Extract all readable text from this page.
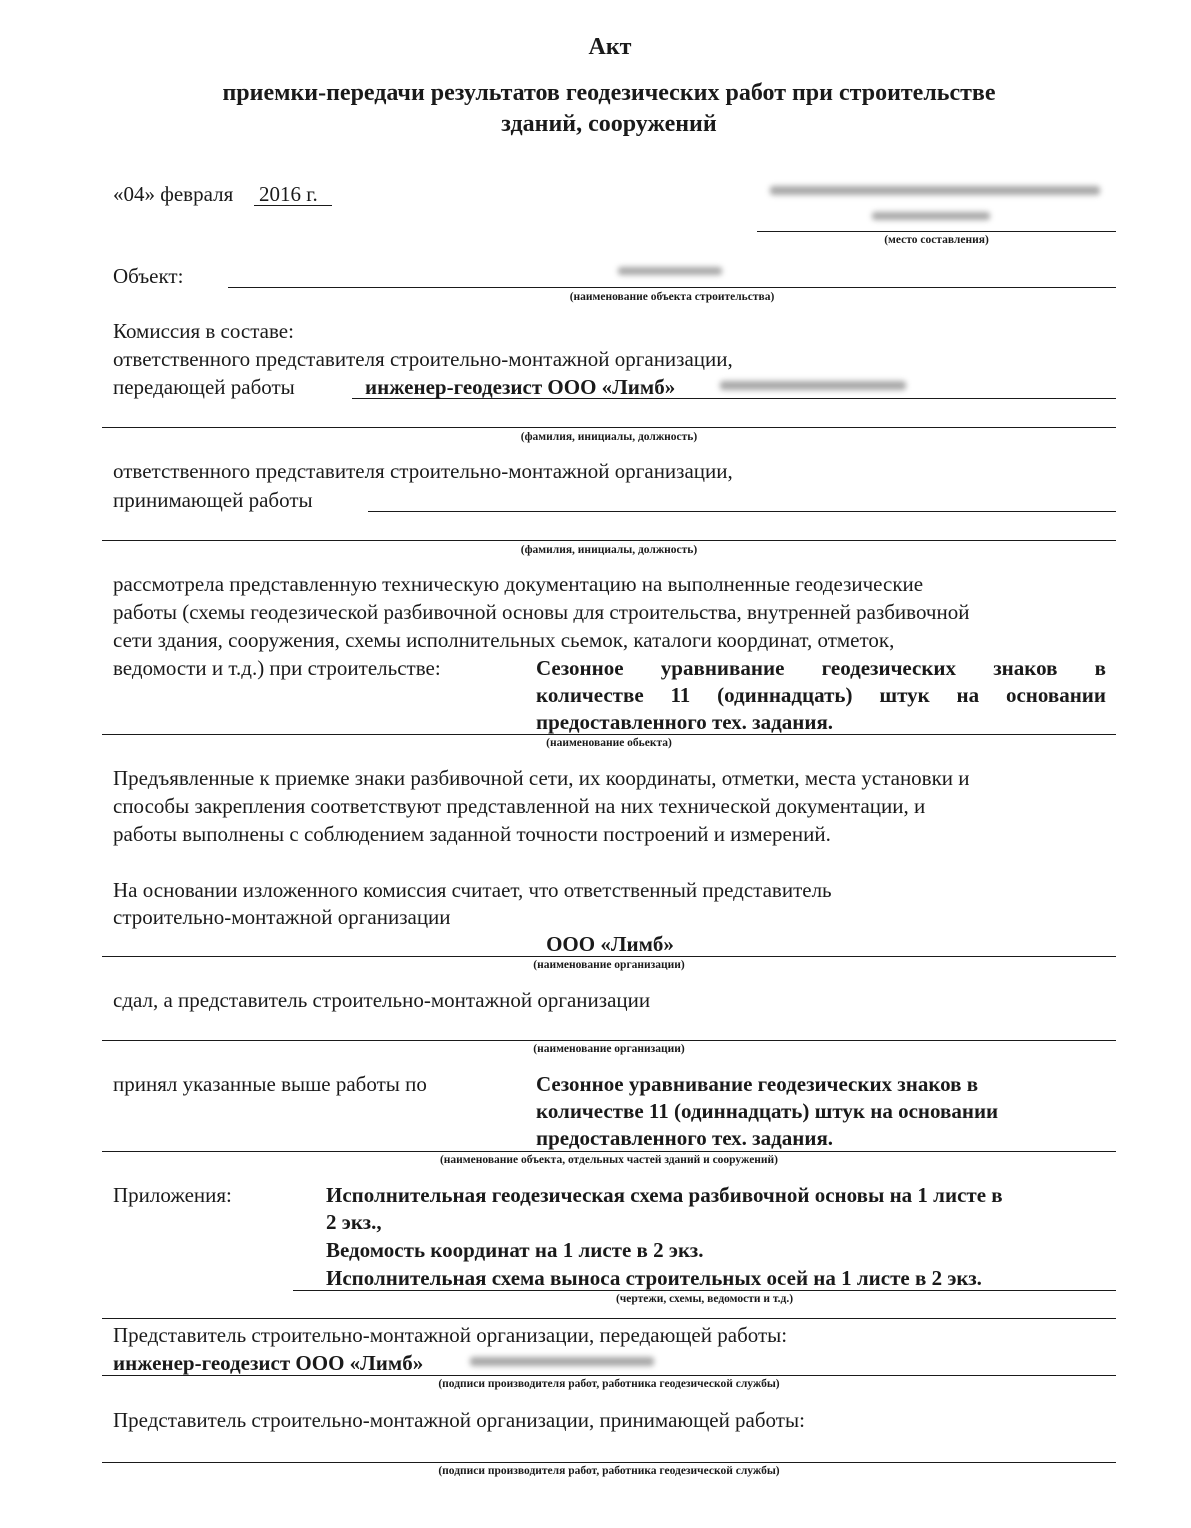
Акт
приемки-передачи результатов геодезических работ при строительстве
зданий, сооружений
«04» февраля 2016 г.
(место составления)
Объект:
(наименование объекта строительства)
Комиссия в составе:
ответственного представителя строительно-монтажной организации,
передающей работы	инженер-геодезист ООО «Лимб»
(фамилия, инициалы, должность)
ответственного представителя строительно-монтажной организации,
принимающей работы
(фамилия, инициалы, должность)
рассмотрела представленную техническую документацию на выполненные геодезические
работы (схемы геодезической разбивочной основы для строительства, внутренней разбивочной
сети здания, сооружения, схемы исполнительных сьемок, каталоги координат, отметок,
ведомости и т.д.) при строительстве:	Сезонное уравнивание геодезических знаков в
количестве 11 (одиннадцать) штук на основании
предоставленного тех. задания.
(наименование обьекта)
Предъявленные к приемке знаки разбивочной сети, их координаты, отметки, места установки и
способы закрепления соответствуют представленной на них технической документации, и
работы выполнены с соблюдением заданной точности построений и измерений.
На основании изложенного комиссия считает, что ответственный представитель
строительно-монтажной организации
ООО «Лимб»
(наименование организации)
сдал, а представитель строительно-монтажной организации
(наименование организации)
принял указанные выше работы по	Сезонное уравнивание геодезических знаков в
количестве 11 (одиннадцать) штук на основании
предоставленного тех. задания.
(наименование объекта, отдельных частей зданий и сооружений)
Приложения:	Исполнительная геодезическая схема разбивочной основы на 1 листе в
2 экз.,
Ведомость координат на 1 листе в 2 экз.
Исполнительная схема выноса строительных осей на 1 листе в 2 экз.
(чертежи, схемы, ведомости и т.д.)
Представитель строительно-монтажной организации, передающей работы:
инженер-геодезист ООО «Лимб»
(подписи производителя работ, работника геодезической службы)
Представитель строительно-монтажной организации, принимающей работы:
(подписи производителя работ, работника геодезической службы)
